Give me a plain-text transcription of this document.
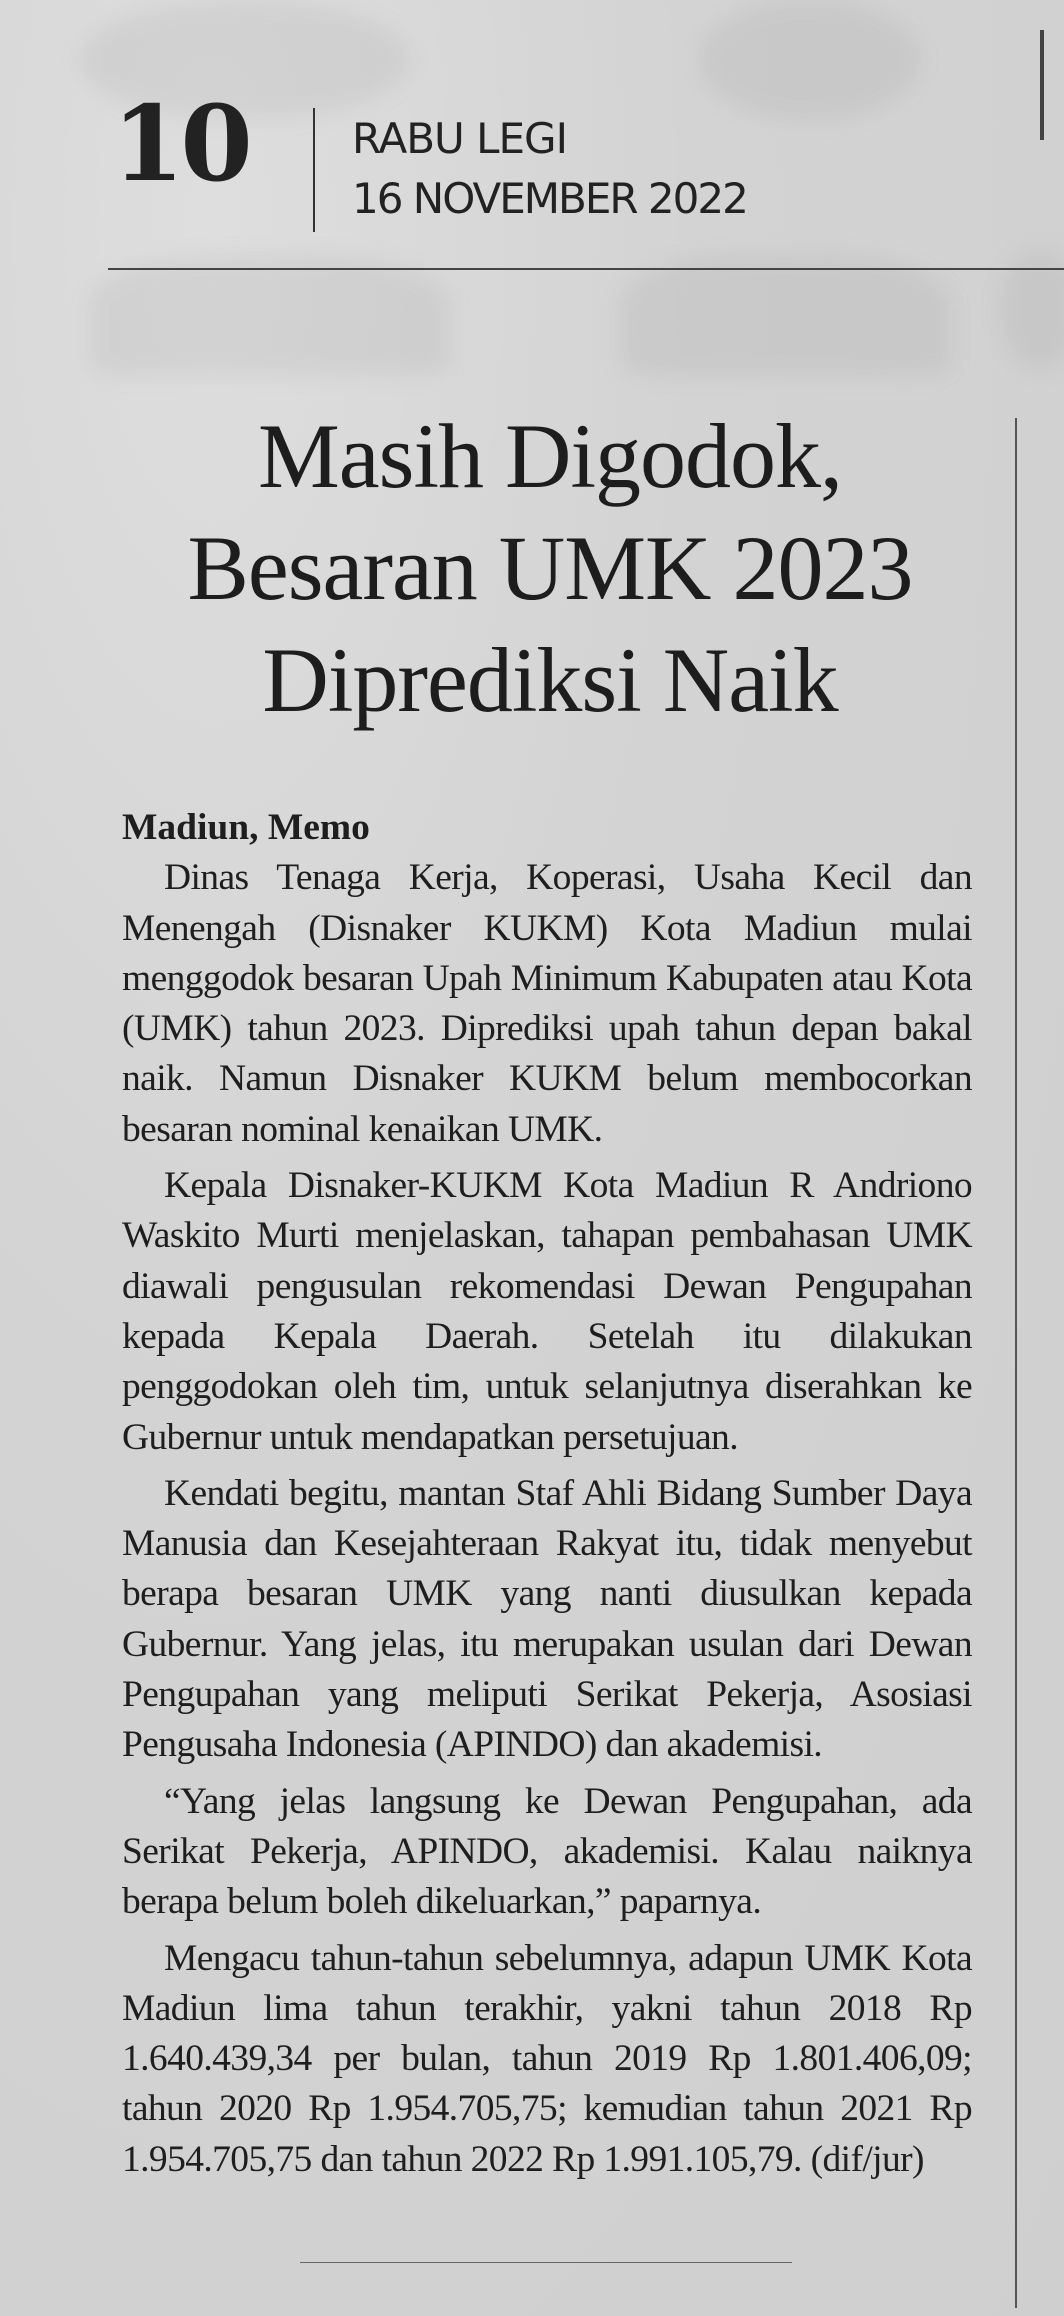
10 RABU LEGI
16 NOVEMBER 2022
Masih Digodok,
Besaran UMK 2023
Diprediksi Naik
Madiun, Memo

Dinas Tenaga Kerja, Koperasi, Usaha Kecil dan Menengah (Disnaker KUKM) Kota Madiun mulai menggodok besaran Upah Minimum Kabupaten atau Kota (UMK) tahun 2023. Diprediksi upah tahun depan bakal naik. Namun Disnaker KUKM belum membocorkan besaran nominal kenaikan UMK.

Kepala Disnaker-KUKM Kota Madiun R Andriono Waskito Murti menjelaskan, tahapan pembahasan UMK diawali pengusulan rekomendasi Dewan Pengupahan kepada Kepala Daerah. Setelah itu dilakukan penggodokan oleh tim, untuk selanjutnya diserahkan ke Gubernur untuk mendapatkan persetujuan.

Kendati begitu, mantan Staf Ahli Bidang Sumber Daya Manusia dan Kesejahteraan Rakyat itu, tidak menyebut berapa besaran UMK yang nanti diusulkan kepada Gubernur. Yang jelas, itu merupakan usulan dari Dewan Pengupahan yang meliputi Serikat Pekerja, Asosiasi Pengusaha Indonesia (APINDO) dan akademisi.

“Yang jelas langsung ke Dewan Pengupahan, ada Serikat Pekerja, APINDO, akademisi. Kalau naiknya berapa belum boleh dikeluarkan,” paparnya.

Mengacu tahun-tahun sebelumnya, adapun UMK Kota Madiun lima tahun terakhir, yakni tahun 2018 Rp 1.640.439,34 per bulan, tahun 2019 Rp 1.801.406,09; tahun 2020 Rp 1.954.705,75; kemudian tahun 2021 Rp 1.954.705,75 dan tahun 2022 Rp 1.991.105,79. (dif/jur)
